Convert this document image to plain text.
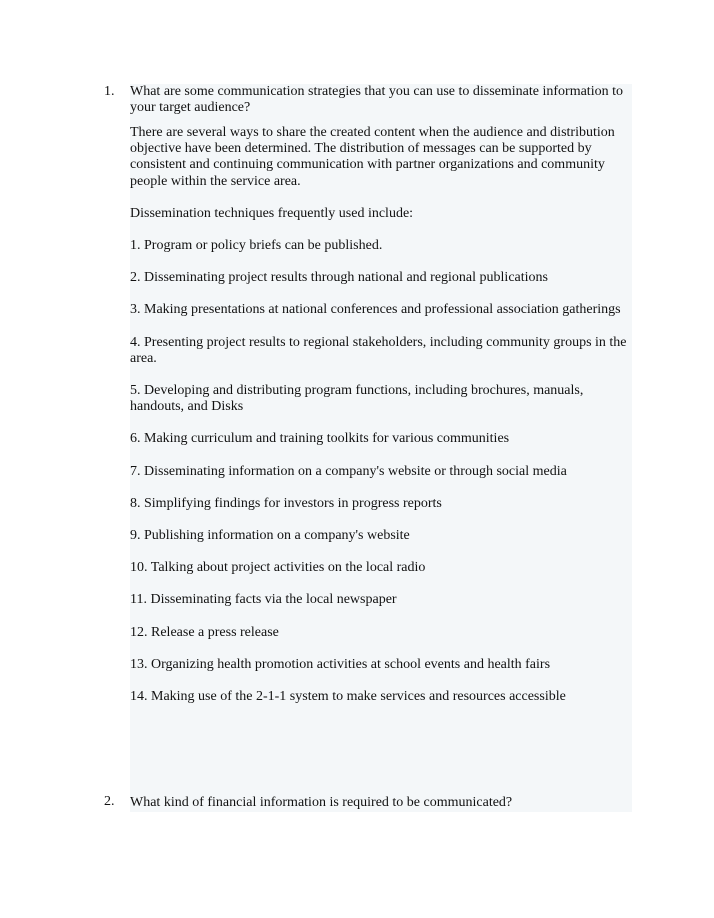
1.	What are some communication strategies that you can use to disseminate information to your target audience?

There are several ways to share the created content when the audience and distribution objective have been determined. The distribution of messages can be supported by consistent and continuing communication with partner organizations and community people within the service area.

Dissemination techniques frequently used include:

1. Program or policy briefs can be published.

2. Disseminating project results through national and regional publications

3. Making presentations at national conferences and professional association gatherings

4. Presenting project results to regional stakeholders, including community groups in the area.

5. Developing and distributing program functions, including brochures, manuals, handouts, and Disks

6. Making curriculum and training toolkits for various communities

7. Disseminating information on a company's website or through social media

8. Simplifying findings for investors in progress reports

9. Publishing information on a company's website

10. Talking about project activities on the local radio

11. Disseminating facts via the local newspaper

12. Release a press release

13. Organizing health promotion activities at school events and health fairs

14. Making use of the 2-1-1 system to make services and resources accessible

2.	What kind of financial information is required to be communicated?
